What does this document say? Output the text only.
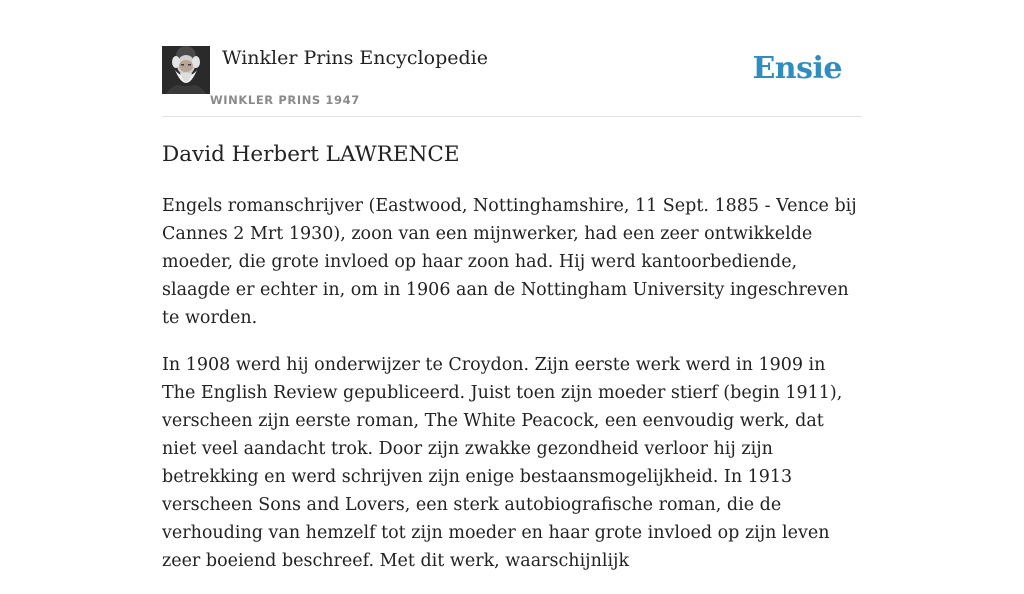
Winkler Prins Encyclopedie
WINKLER PRINS 1947
Ensie
David Herbert LAWRENCE

Engels romanschrijver (Eastwood, Nottinghamshire, 11 Sept. 1885 - Vence bij Cannes 2 Mrt 1930), zoon van een mijnwerker, had een zeer ontwikkelde moeder, die grote invloed op haar zoon had. Hij werd kantoorbediende, slaagde er echter in, om in 1906 aan de Nottingham University ingeschreven te worden.

In 1908 werd hij onderwijzer te Croydon. Zijn eerste werk werd in 1909 in The English Review gepubliceerd. Juist toen zijn moeder stierf (begin 1911), verscheen zijn eerste roman, The White Peacock, een eenvoudig werk, dat niet veel aandacht trok. Door zijn zwakke gezondheid verloor hij zijn betrekking en werd schrijven zijn enige bestaansmogelijkheid. In 1913 verscheen Sons and Lovers, een sterk autobiografische roman, die de verhouding van hemzelf tot zijn moeder en haar grote invloed op zijn leven zeer boeiend beschreef. Met dit werk, waarschijnlijk
